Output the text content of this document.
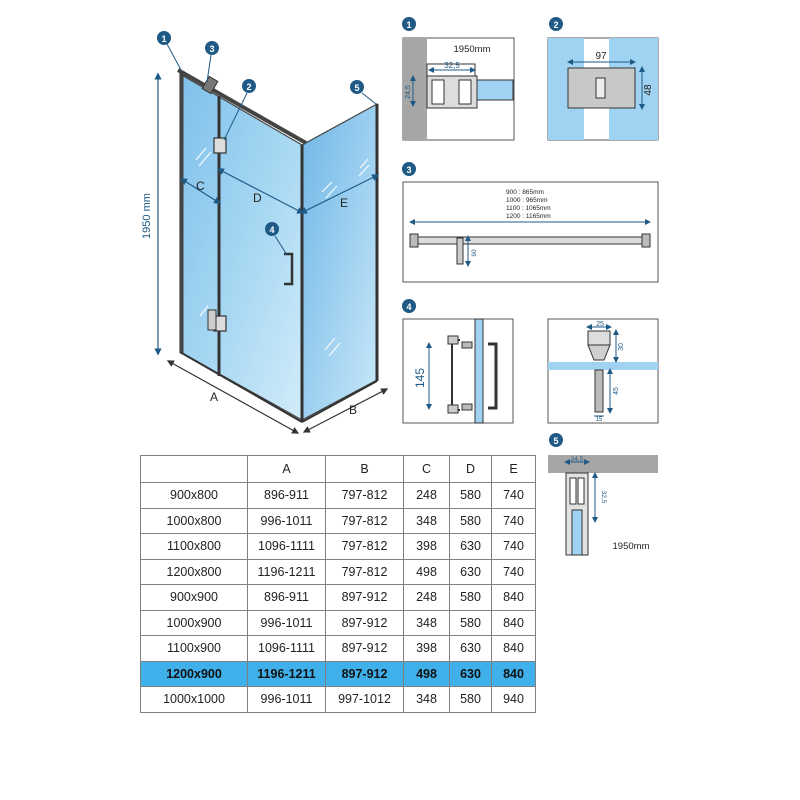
1950 mm
C
D	E
A
B
1
3
2	5
4
1
32,5
24,5
1950mm
2
97
48
3
900 : 865mm
1000 : 965mm
1100 : 1065mm
1200 : 1165mm
60
4
145
25
30
45
15
5
24,5
32,5
1950mm
	A	B	C	D	E
900x800	896-911	797-812	248	580	740
1000x800	996-1011	797-812	348	580	740
1100x800	1096-1111	797-812	398	630	740
1200x800	1196-1211	797-812	498	630	740
900x900	896-911	897-912	248	580	840
1000x900	996-1011	897-912	348	580	840
1100x900	1096-1111	897-912	398	630	840
1200x900	1196-1211	897-912	498	630	840
1000x1000	996-1011	997-1012	348	580	940
